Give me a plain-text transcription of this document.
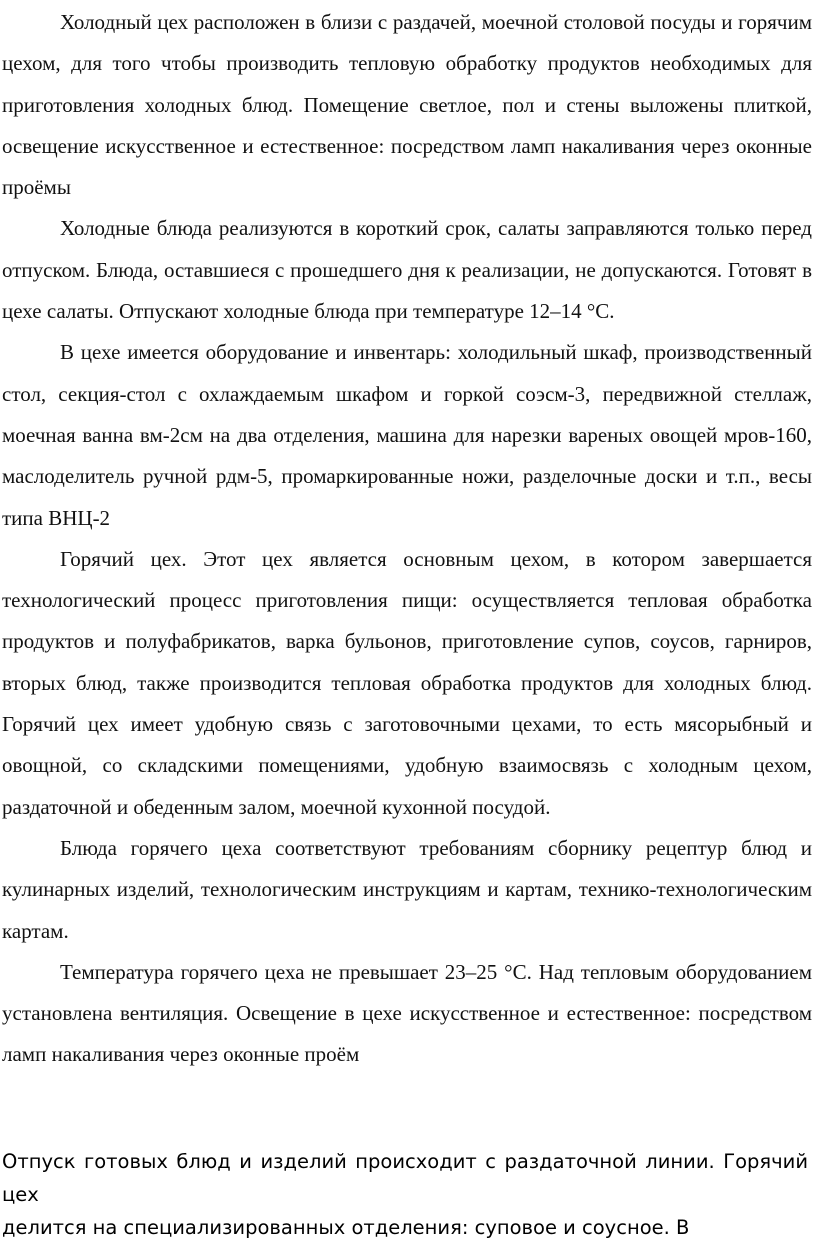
Холодный цех расположен в близи с раздачей, моечной столовой посуды и горячим цехом, для того чтобы производить тепловую обработку продуктов необходимых для приготовления холодных блюд. Помещение светлое, пол и стены выложены плиткой, освещение искусственное и естественное: посредством ламп накаливания через оконные проёмы

Холодные блюда реализуются в короткий срок, салаты заправляются только перед отпуском. Блюда, оставшиеся с прошедшего дня к реализации, не допускаются. Готовят в цехе салаты. Отпускают холодные блюда при температуре 12–14 °С.

В цехе имеется оборудование и инвентарь: холодильный шкаф, производственный стол, секция-стол с охлаждаемым шкафом и горкой соэсм-3, передвижной стеллаж, моечная ванна вм-2см на два отделения, машина для нарезки вареных овощей мров-160, маслоделитель ручной рдм-5, промаркированные ножи, разделочные доски и т.п., весы типа ВНЦ-2

Горячий цех. Этот цех является основным цехом, в котором завершается технологический процесс приготовления пищи: осуществляется тепловая обработка продуктов и полуфабрикатов, варка бульонов, приготовление супов, соусов, гарниров, вторых блюд, также производится тепловая обработка продуктов для холодных блюд. Горячий цех имеет удобную связь с заготовочными цехами, то есть мясорыбный и овощной, со складскими помещениями, удобную взаимосвязь с холодным цехом, раздаточной и обеденным залом, моечной кухонной посудой.

Блюда горячего цеха соответствуют требованиям сборнику рецептур блюд и кулинарных изделий, технологическим инструкциям и картам, технико-технологическим картам.

Температура горячего цеха не превышает 23–25 °С. Над тепловым оборудованием установлена вентиляция. Освещение в цехе искусственное и естественное: посредством ламп накаливания через оконные проём

Отпуск готовых блюд и изделий происходит с раздаточной линии. Горячий цех
делится на специализированных отделения: суповое и соусное. В
